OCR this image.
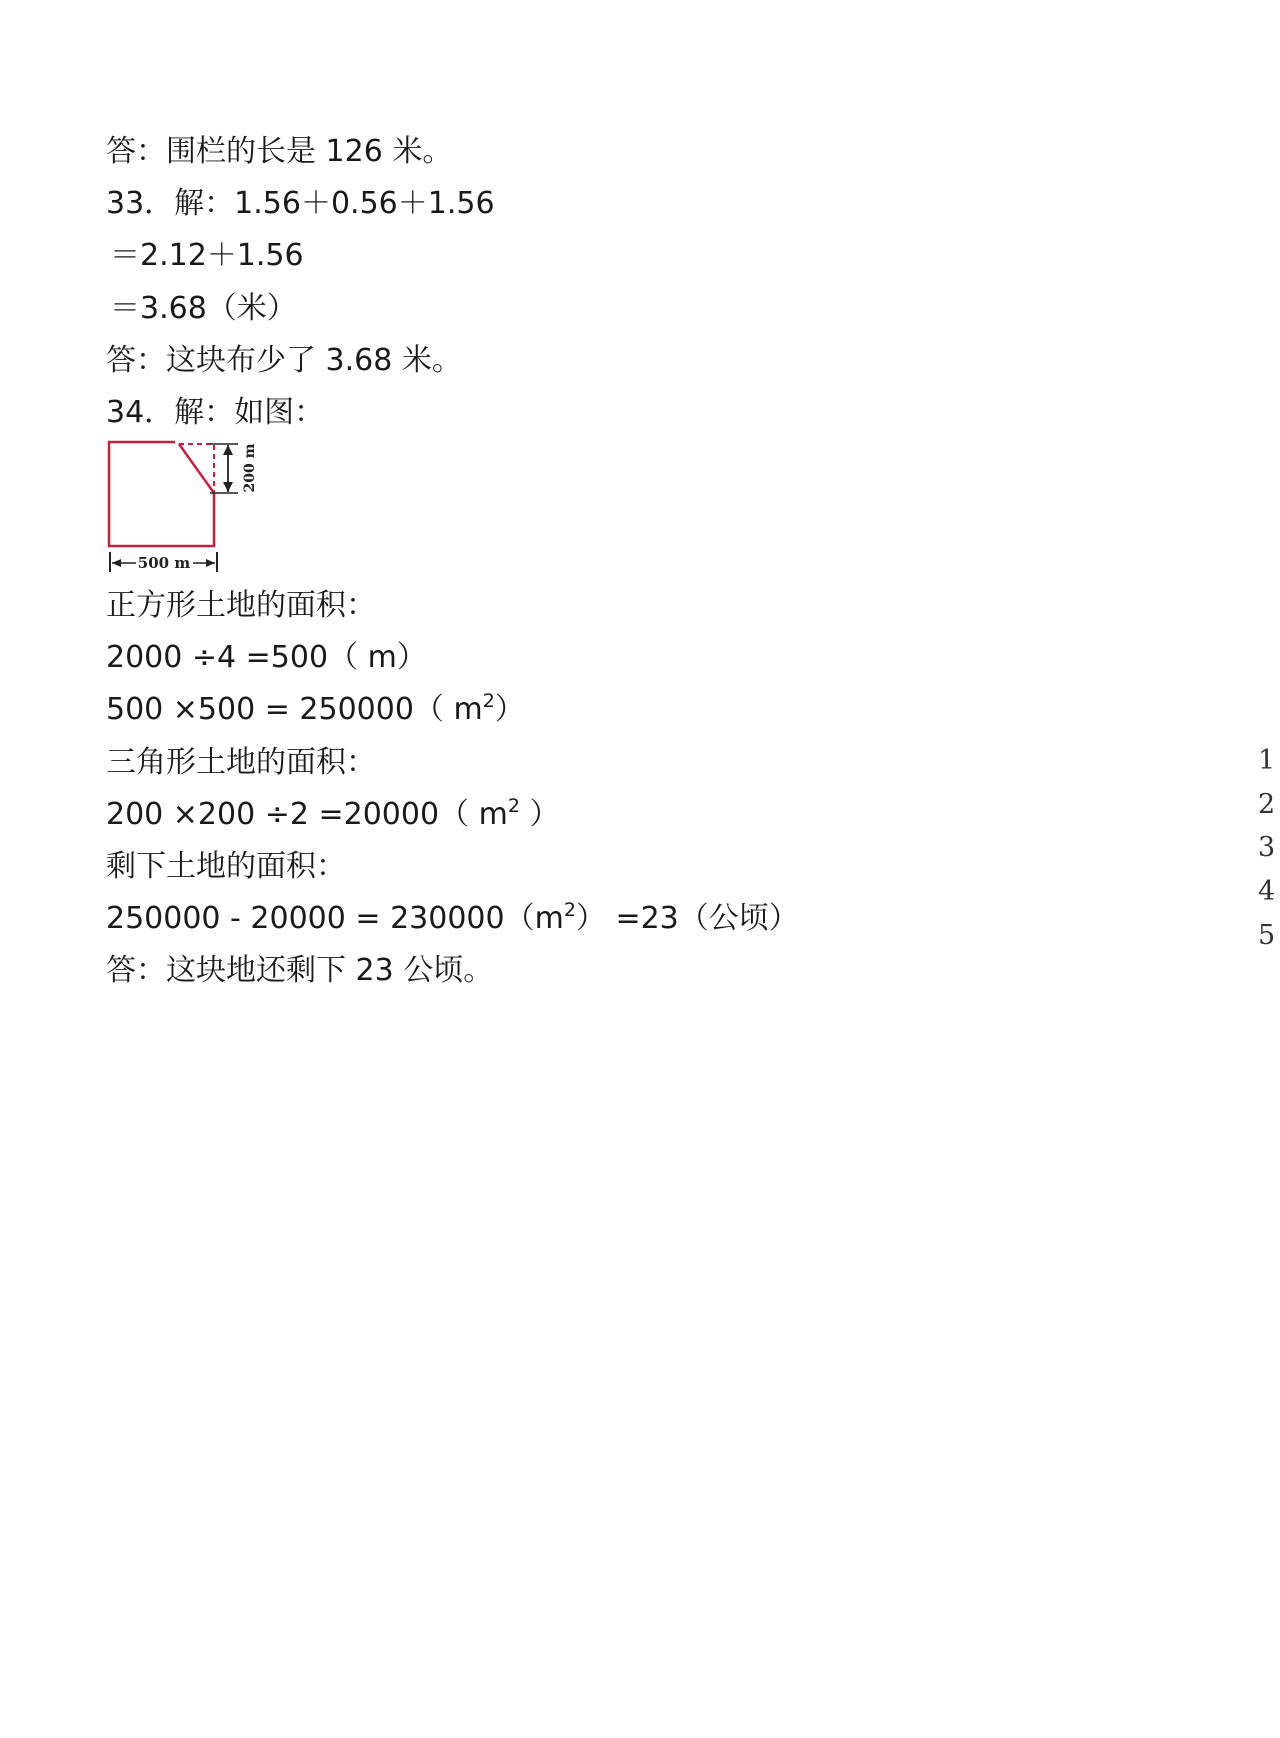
答：围栏的长是 126 米。
33．解：1.56＋0.56＋1.56
＝2.12＋1.56
＝3.68（米）
答：这块布少了 3.68 米。
34．解：如图：
200 m
500 m
正方形土地的面积：
2000 ÷4 =500（ m）
500 ×500 = 250000（ $m^2$）
三角形土地的面积：
200 ×200 ÷2 =20000（ $m^2$ ）
剩下土地的面积：
$250000 - 20000 = 230000(m^2) =23$（公顷）
答：这块地还剩下 23 公顷。
1
2
3
4
5
